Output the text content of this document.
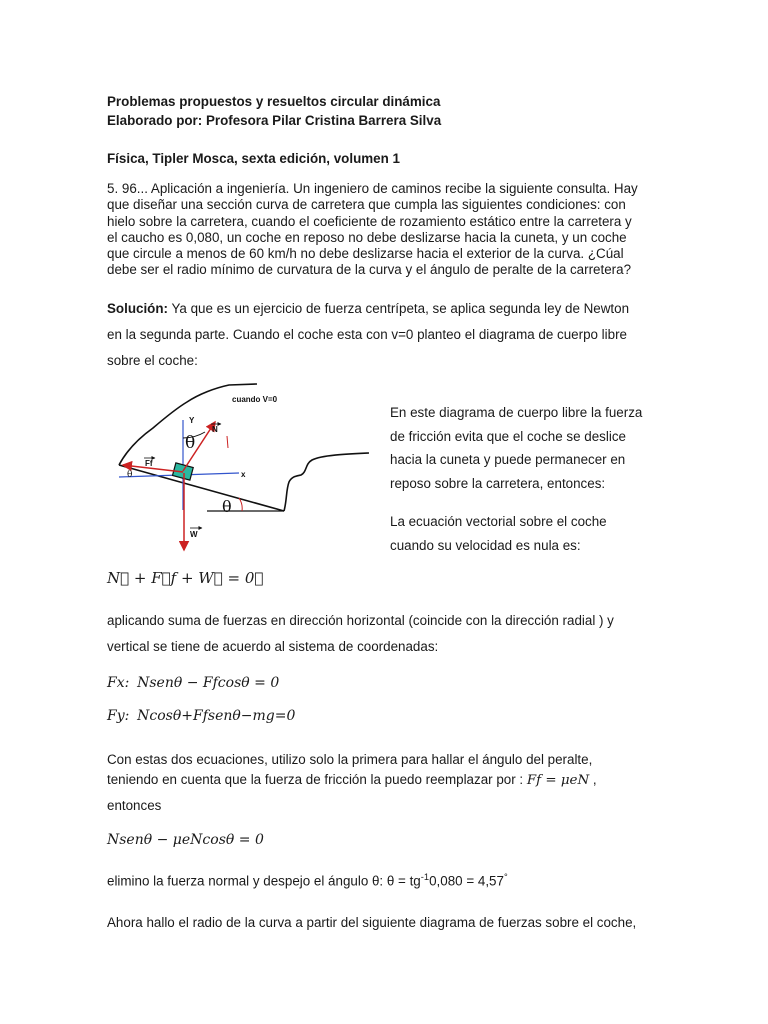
Problemas propuestos y resueltos circular dinámica
Elaborado por: Profesora Pilar Cristina Barrera Silva
Física, Tipler Mosca, sexta edición, volumen 1
5. 96... Aplicación a ingeniería. Un ingeniero de caminos recibe la siguiente consulta. Hay
que diseñar una sección curva de carretera que cumpla las siguientes condiciones: con
hielo sobre la carretera, cuando el coeficiente de rozamiento estático entre la carretera y
el caucho es 0,080, un coche en reposo no debe deslizarse hacia la cuneta, y un coche
que circule a menos de 60 km/h no debe deslizarse hacia el exterior de la curva. ¿Cúal
debe ser el radio mínimo de curvatura de la curva y el ángulo de peralte de la carretera?
Solución: Ya que es un ejercicio de fuerza centrípeta, se aplica segunda ley de Newton
en la segunda parte. Cuando el coche esta con v=0 planteo el diagrama de cuerpo libre
sobre el coche:
cuando V=0
Y
θ
N
Ff
x
θ
θ
W
En este diagrama de cuerpo libre la fuerza
de fricción evita que el coche se deslice
hacia la cuneta y puede permanecer en
reposo sobre la carretera, entonces:
La ecuación vectorial sobre el coche
cuando su velocidad es nula es:
N⃗ + F⃗f + W⃗ = 0⃗
aplicando suma de fuerzas en dirección horizontal (coincide con la dirección radial ) y
vertical se tiene de acuerdo al sistema de coordenadas:
Fx: Nsenθ − Ffcosθ = 0
Fy: Ncosθ+Ffsenθ−mg=0
Con estas dos ecuaciones, utilizo solo la primera para hallar el ángulo del peralte,
teniendo en cuenta que la fuerza de fricción la puedo reemplazar por : Ff = μeN ,
entonces
Nsenθ − μeNcosθ = 0
elimino la fuerza normal y despejo el ángulo θ: $\theta = tg^{-1}0,080 = 4,57^\circ$
Ahora hallo el radio de la curva a partir del siguiente diagrama de fuerzas sobre el coche,
